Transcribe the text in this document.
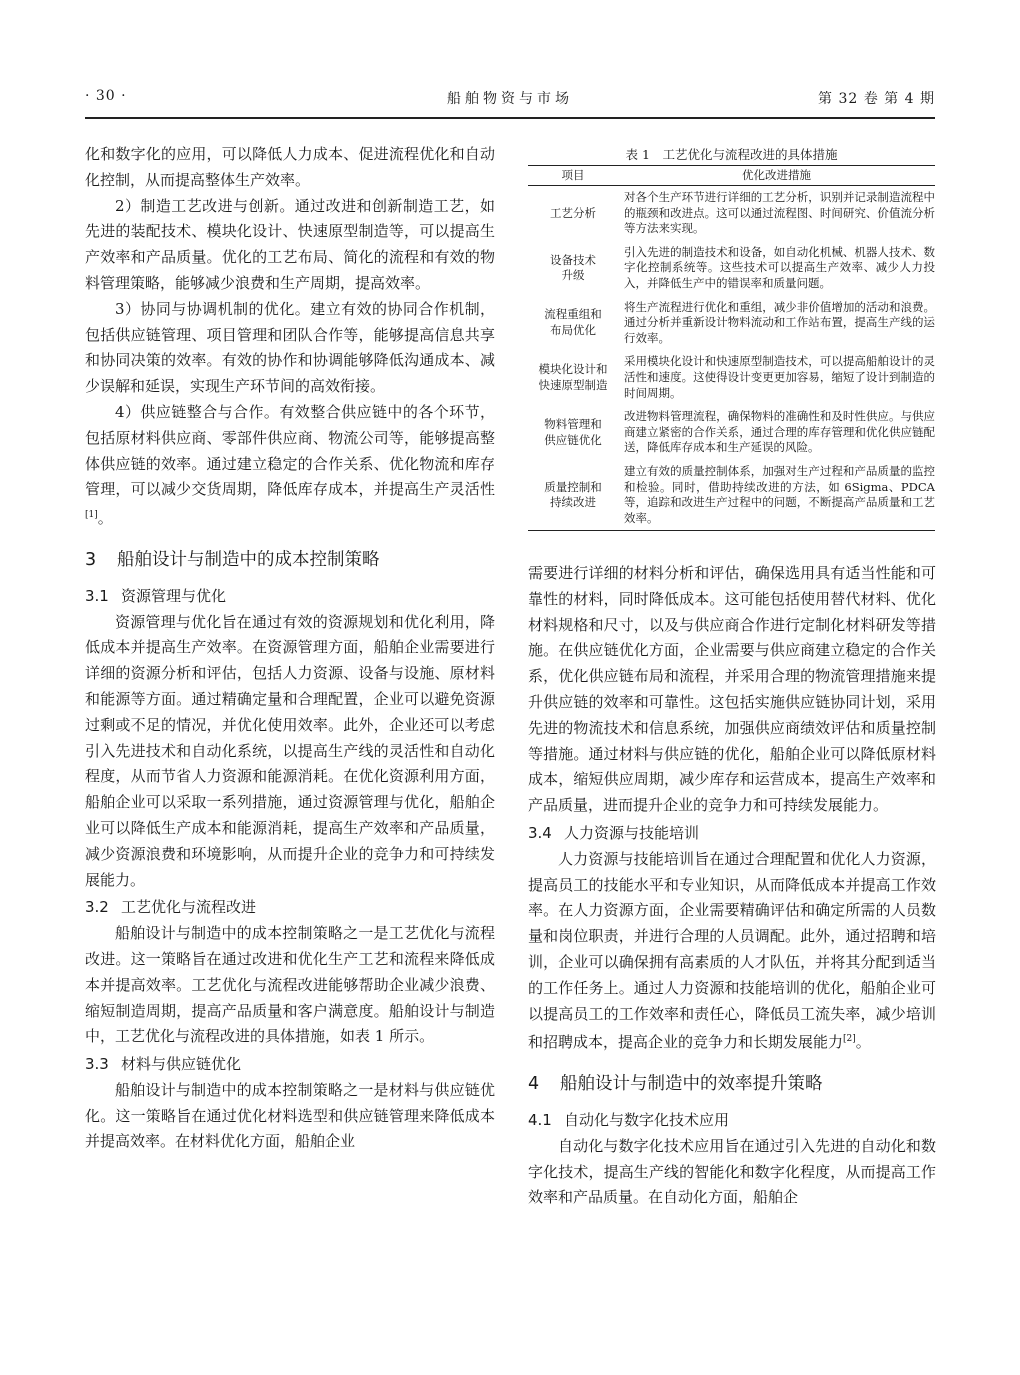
· 30 ·	船舶物资与市场	第 32 卷 第 4 期

化和数字化的应用，可以降低人力成本、促进流程优化和自动化控制，从而提高整体生产效率。

2）制造工艺改进与创新。通过改进和创新制造工艺，如先进的装配技术、模块化设计、快速原型制造等，可以提高生产效率和产品质量。优化的工艺布局、简化的流程和有效的物料管理策略，能够减少浪费和生产周期，提高效率。

3）协同与协调机制的优化。建立有效的协同合作机制，包括供应链管理、项目管理和团队合作等，能够提高信息共享和协同决策的效率。有效的协作和协调能够降低沟通成本、减少误解和延误，实现生产环节间的高效衔接。

4）供应链整合与合作。有效整合供应链中的各个环节，包括原材料供应商、零部件供应商、物流公司等，能够提高整体供应链的效率。通过建立稳定的合作关系、优化物流和库存管理，可以减少交货周期，降低库存成本，并提高生产灵活性[1]。

3 船舶设计与制造中的成本控制策略
3.1 资源管理与优化

资源管理与优化旨在通过有效的资源规划和优化利用，降低成本并提高生产效率。在资源管理方面，船舶企业需要进行详细的资源分析和评估，包括人力资源、设备与设施、原材料和能源等方面。通过精确定量和合理配置，企业可以避免资源过剩或不足的情况，并优化使用效率。此外，企业还可以考虑引入先进技术和自动化系统，以提高生产线的灵活性和自动化程度，从而节省人力资源和能源消耗。在优化资源利用方面，船舶企业可以采取一系列措施，通过资源管理与优化，船舶企业可以降低生产成本和能源消耗，提高生产效率和产品质量，减少资源浪费和环境影响，从而提升企业的竞争力和可持续发展能力。

3.2 工艺优化与流程改进

船舶设计与制造中的成本控制策略之一是工艺优化与流程改进。这一策略旨在通过改进和优化生产工艺和流程来降低成本并提高效率。工艺优化与流程改进能够帮助企业减少浪费、缩短制造周期，提高产品质量和客户满意度。船舶设计与制造中，工艺优化与流程改进的具体措施，如表 1 所示。

3.3 材料与供应链优化

船舶设计与制造中的成本控制策略之一是材料与供应链优化。这一策略旨在通过优化材料选型和供应链管理来降低成本并提高效率。在材料优化方面，船舶企业

表 1　工艺优化与流程改进的具体措施
项目	优化改进措施

工艺分析	对各个生产环节进行详细的工艺分析，识别并记录制造流程中的瓶颈和改进点。这可以通过流程图、时间研究、价值流分析等方法来实现。

设备技术
升级	引入先进的制造技术和设备，如自动化机械、机器人技术、数字化控制系统等。这些技术可以提高生产效率、减少人力投入，并降低生产中的错误率和质量问题。

流程重组和
布局优化	将生产流程进行优化和重组，减少非价值增加的活动和浪费。通过分析并重新设计物料流动和工作站布置，提高生产线的运行效率。

模块化设计和
快速原型制造	采用模块化设计和快速原型制造技术，可以提高船舶设计的灵活性和速度。这使得设计变更更加容易，缩短了设计到制造的时间周期。

物料管理和
供应链优化	改进物料管理流程，确保物料的准确性和及时性供应。与供应商建立紧密的合作关系，通过合理的库存管理和优化供应链配送，降低库存成本和生产延误的风险。

质量控制和
持续改进	建立有效的质量控制体系，加强对生产过程和产品质量的监控和检验。同时，借助持续改进的方法，如 6Sigma、PDCA 等，追踪和改进生产过程中的问题，不断提高产品质量和工艺效率。

需要进行详细的材料分析和评估，确保选用具有适当性能和可靠性的材料，同时降低成本。这可能包括使用替代材料、优化材料规格和尺寸，以及与供应商合作进行定制化材料研发等措施。在供应链优化方面，企业需要与供应商建立稳定的合作关系，优化供应链布局和流程，并采用合理的物流管理措施来提升供应链的效率和可靠性。这包括实施供应链协同计划，采用先进的物流技术和信息系统，加强供应商绩效评估和质量控制等措施。通过材料与供应链的优化，船舶企业可以降低原材料成本，缩短供应周期，减少库存和运营成本，提高生产效率和产品质量，进而提升企业的竞争力和可持续发展能力。

3.4 人力资源与技能培训

人力资源与技能培训旨在通过合理配置和优化人力资源，提高员工的技能水平和专业知识，从而降低成本并提高工作效率。在人力资源方面，企业需要精确评估和确定所需的人员数量和岗位职责，并进行合理的人员调配。此外，通过招聘和培训，企业可以确保拥有高素质的人才队伍，并将其分配到适当的工作任务上。通过人力资源和技能培训的优化，船舶企业可以提高员工的工作效率和责任心，降低员工流失率，减少培训和招聘成本，提高企业的竞争力和长期发展能力[2]。

4 船舶设计与制造中的效率提升策略
4.1 自动化与数字化技术应用

自动化与数字化技术应用旨在通过引入先进的自动化和数字化技术，提高生产线的智能化和数字化程度，从而提高工作效率和产品质量。在自动化方面，船舶企
